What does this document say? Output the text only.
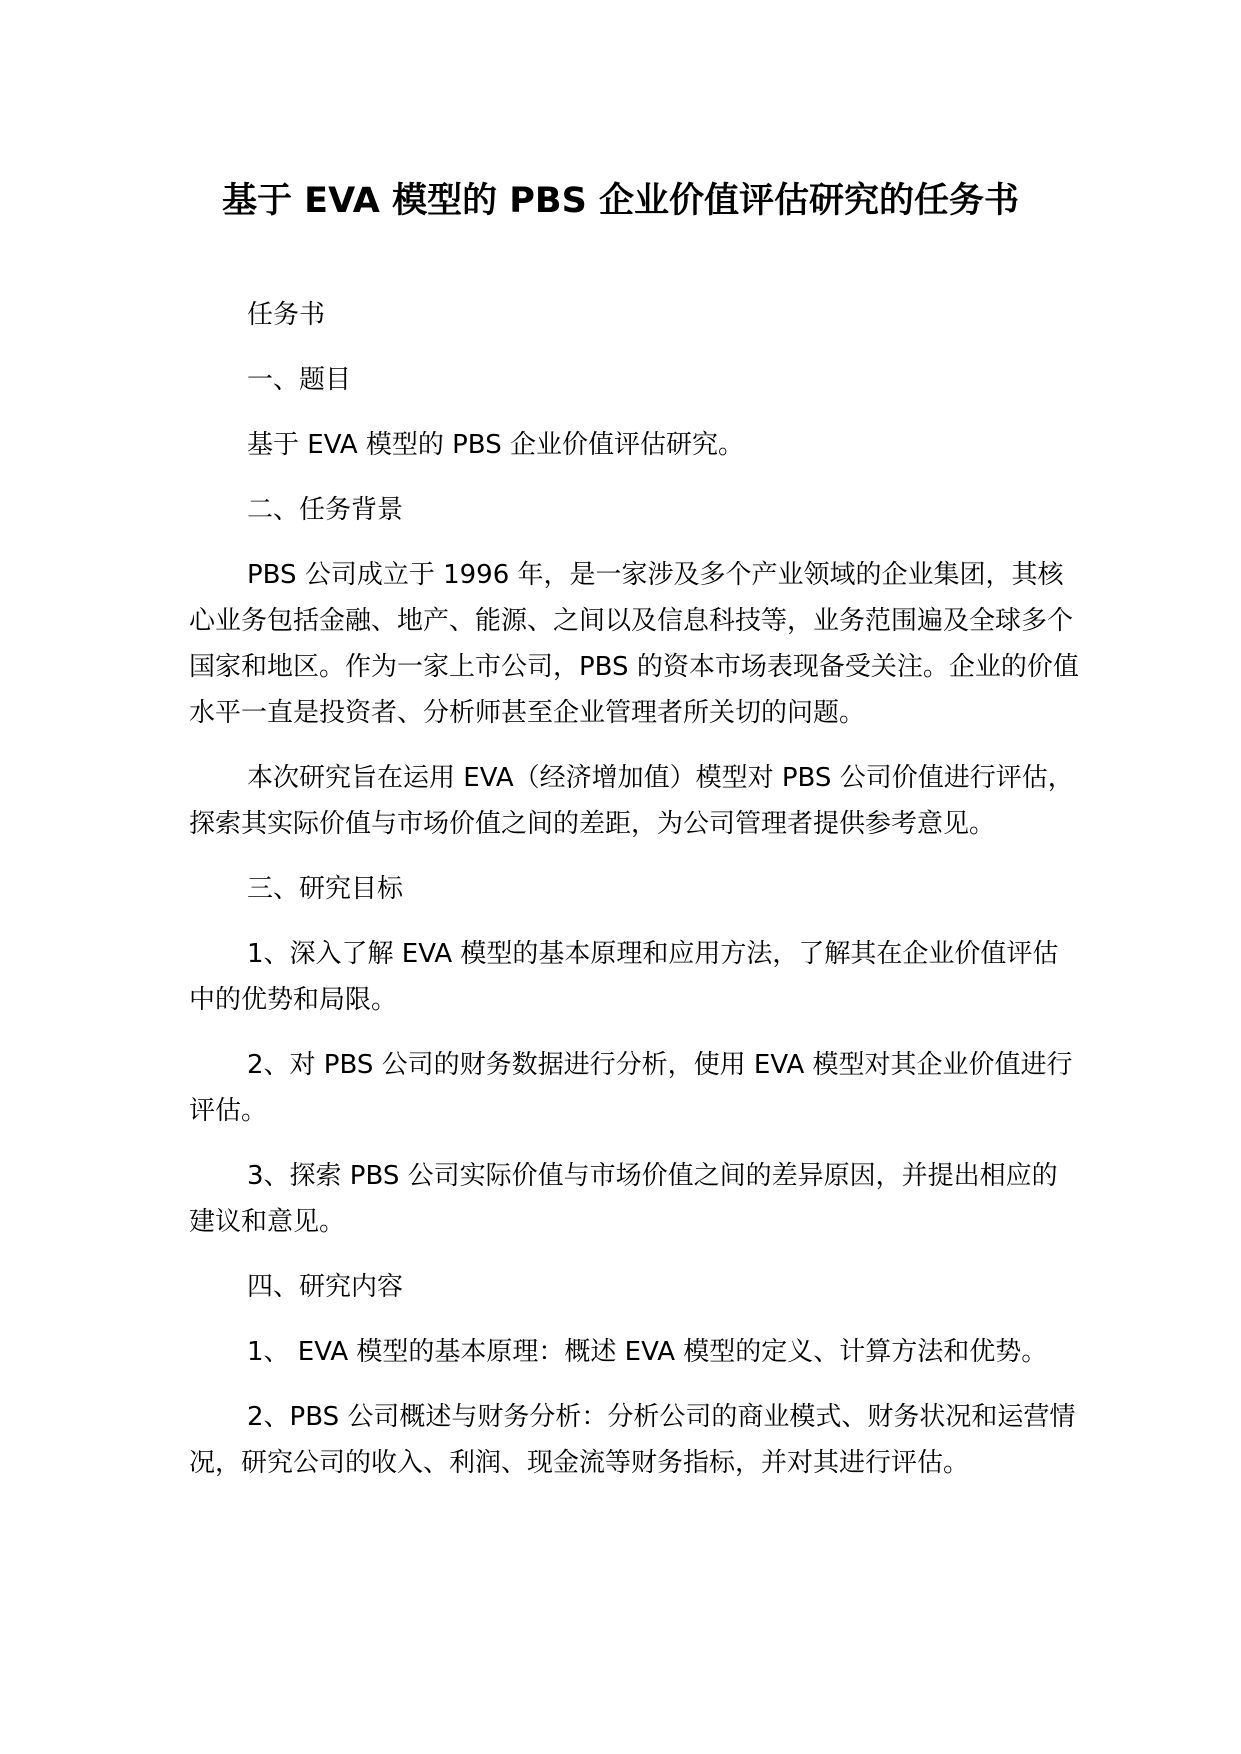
基于 EVA 模型的 PBS 企业价值评估研究的任务书

任务书

一、题目

基于 EVA 模型的 PBS 企业价值评估研究。

二、任务背景

PBS 公司成立于 1996 年，是一家涉及多个产业领域的企业集团，其核心业务包括金融、地产、能源、之间以及信息科技等，业务范围遍及全球多个国家和地区。作为一家上市公司，PBS 的资本市场表现备受关注。企业的价值水平一直是投资者、分析师甚至企业管理者所关切的问题。

本次研究旨在运用 EVA（经济增加值）模型对 PBS 公司价值进行评估，探索其实际价值与市场价值之间的差距，为公司管理者提供参考意见。

三、研究目标

1、深入了解 EVA 模型的基本原理和应用方法，了解其在企业价值评估中的优势和局限。

2、对 PBS 公司的财务数据进行分析，使用 EVA 模型对其企业价值进行评估。

3、探索 PBS 公司实际价值与市场价值之间的差异原因，并提出相应的建议和意见。

四、研究内容

1、 EVA 模型的基本原理：概述 EVA 模型的定义、计算方法和优势。

2、PBS 公司概述与财务分析：分析公司的商业模式、财务状况和运营情况，研究公司的收入、利润、现金流等财务指标，并对其进行评估。
